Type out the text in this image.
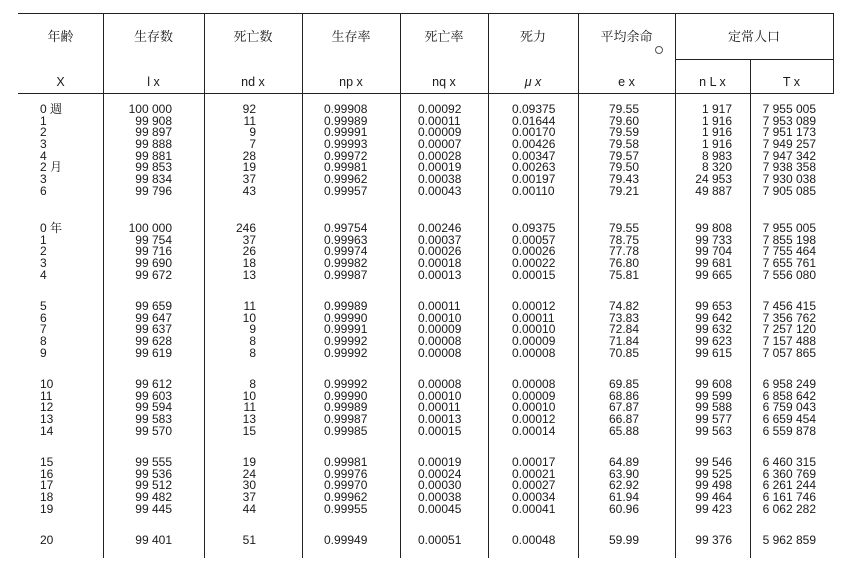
年齢	生存数	死亡数	生存率	死亡率	死力	平均余命	定常人口
X	l x	nd x	np x	nq x	μ x	e x	n L x	T x
0 週	100 000	92	0.99908	0.00092	0.09375	79.55	1 917	7 955 005
1	99 908	11	0.99989	0.00011	0.01644	79.60	1 916	7 953 089
2	99 897	9	0.99991	0.00009	0.00170	79.59	1 916	7 951 173
3	99 888	7	0.99993	0.00007	0.00426	79.58	1 916	7 949 257
4	99 881	28	0.99972	0.00028	0.00347	79.57	8 983	7 947 342
2 月	99 853	19	0.99981	0.00019	0.00263	79.50	8 320	7 938 358
3	99 834	37	0.99962	0.00038	0.00197	79.43	24 953	7 930 038
6	99 796	43	0.99957	0.00043	0.00110	79.21	49 887	7 905 085
0 年	100 000	246	0.99754	0.00246	0.09375	79.55	99 808	7 955 005
1	99 754	37	0.99963	0.00037	0.00057	78.75	99 733	7 855 198
2	99 716	26	0.99974	0.00026	0.00026	77.78	99 704	7 755 464
3	99 690	18	0.99982	0.00018	0.00022	76.80	99 681	7 655 761
4	99 672	13	0.99987	0.00013	0.00015	75.81	99 665	7 556 080
5	99 659	11	0.99989	0.00011	0.00012	74.82	99 653	7 456 415
6	99 647	10	0.99990	0.00010	0.00011	73.83	99 642	7 356 762
7	99 637	9	0.99991	0.00009	0.00010	72.84	99 632	7 257 120
8	99 628	8	0.99992	0.00008	0.00009	71.84	99 623	7 157 488
9	99 619	8	0.99992	0.00008	0.00008	70.85	99 615	7 057 865
10	99 612	8	0.99992	0.00008	0.00008	69.85	99 608	6 958 249
11	99 603	10	0.99990	0.00010	0.00009	68.86	99 599	6 858 642
12	99 594	11	0.99989	0.00011	0.00010	67.87	99 588	6 759 043
13	99 583	13	0.99987	0.00013	0.00012	66.87	99 577	6 659 454
14	99 570	15	0.99985	0.00015	0.00014	65.88	99 563	6 559 878
15	99 555	19	0.99981	0.00019	0.00017	64.89	99 546	6 460 315
16	99 536	24	0.99976	0.00024	0.00021	63.90	99 525	6 360 769
17	99 512	30	0.99970	0.00030	0.00027	62.92	99 498	6 261 244
18	99 482	37	0.99962	0.00038	0.00034	61.94	99 464	6 161 746
19	99 445	44	0.99955	0.00045	0.00041	60.96	99 423	6 062 282
20	99 401	51	0.99949	0.00051	0.00048	59.99	99 376	5 962 859
